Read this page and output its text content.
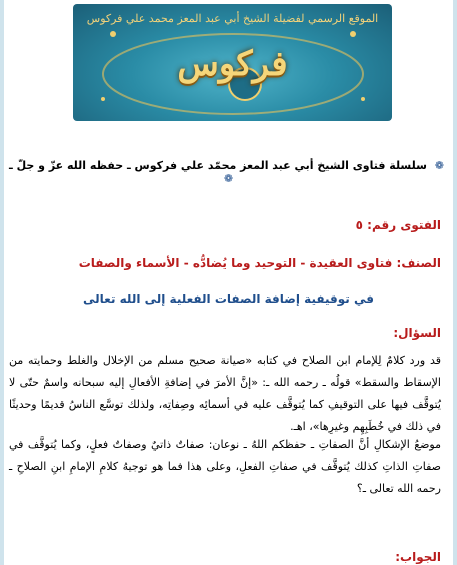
الموقع الرسمي لفضيلة الشيخ أبي عبد المعز محمد علي فركوس
فركوس
❁ سلسلة فتاوى الشيخ أبي عبد المعز محمّد علي فركوس ـ حفظه الله عزّ و جلّ ـ ❁
الفتوى رقم: ٥
الصنف: فتاوى العقيدة - التوحيد وما يُضادُّه - الأسماء والصفات
في توقيفية إضافة الصفات الفعلية إلى الله تعالى
السؤال:
قد ورد كلامٌ لِلإمام ابن الصلاح في كتابه «صيانة صحيح مسلم من الإخلال والغلط وحمايته من الإسقاط والسقط» قولُه ـ رحمه الله ـ: «إنَّ الأمرَ في إضافةِ الأفعالِ إليه سبحانه واسمٌ حتّى لا يُتوقَّف فيها على التوقيفِ كما يُتوقَّف عليه في أسمائِه وصِفاتِه، ولذلك توسَّع الناسُ قديمًا وحديثًا في ذلك في خُطَبِهِم وغيرِها»، اهـ.
موضعُ الإشكالِ أنَّ الصفاتِ ـ حفظكم اللهُ ـ نوعان: صفاتٌ ذاتيٌ وصفاتٌ فعلٍ، وكما يُتوقَّف في صفاتِ الذاتِ كذلك يُتوقَّف في صفاتِ الفعلِ، وعلى هذا فما هو توجيهُ كلامِ الإمامِ ابنِ الصلاحِ ـ رحمه الله تعالى ـ؟
الجواب:
